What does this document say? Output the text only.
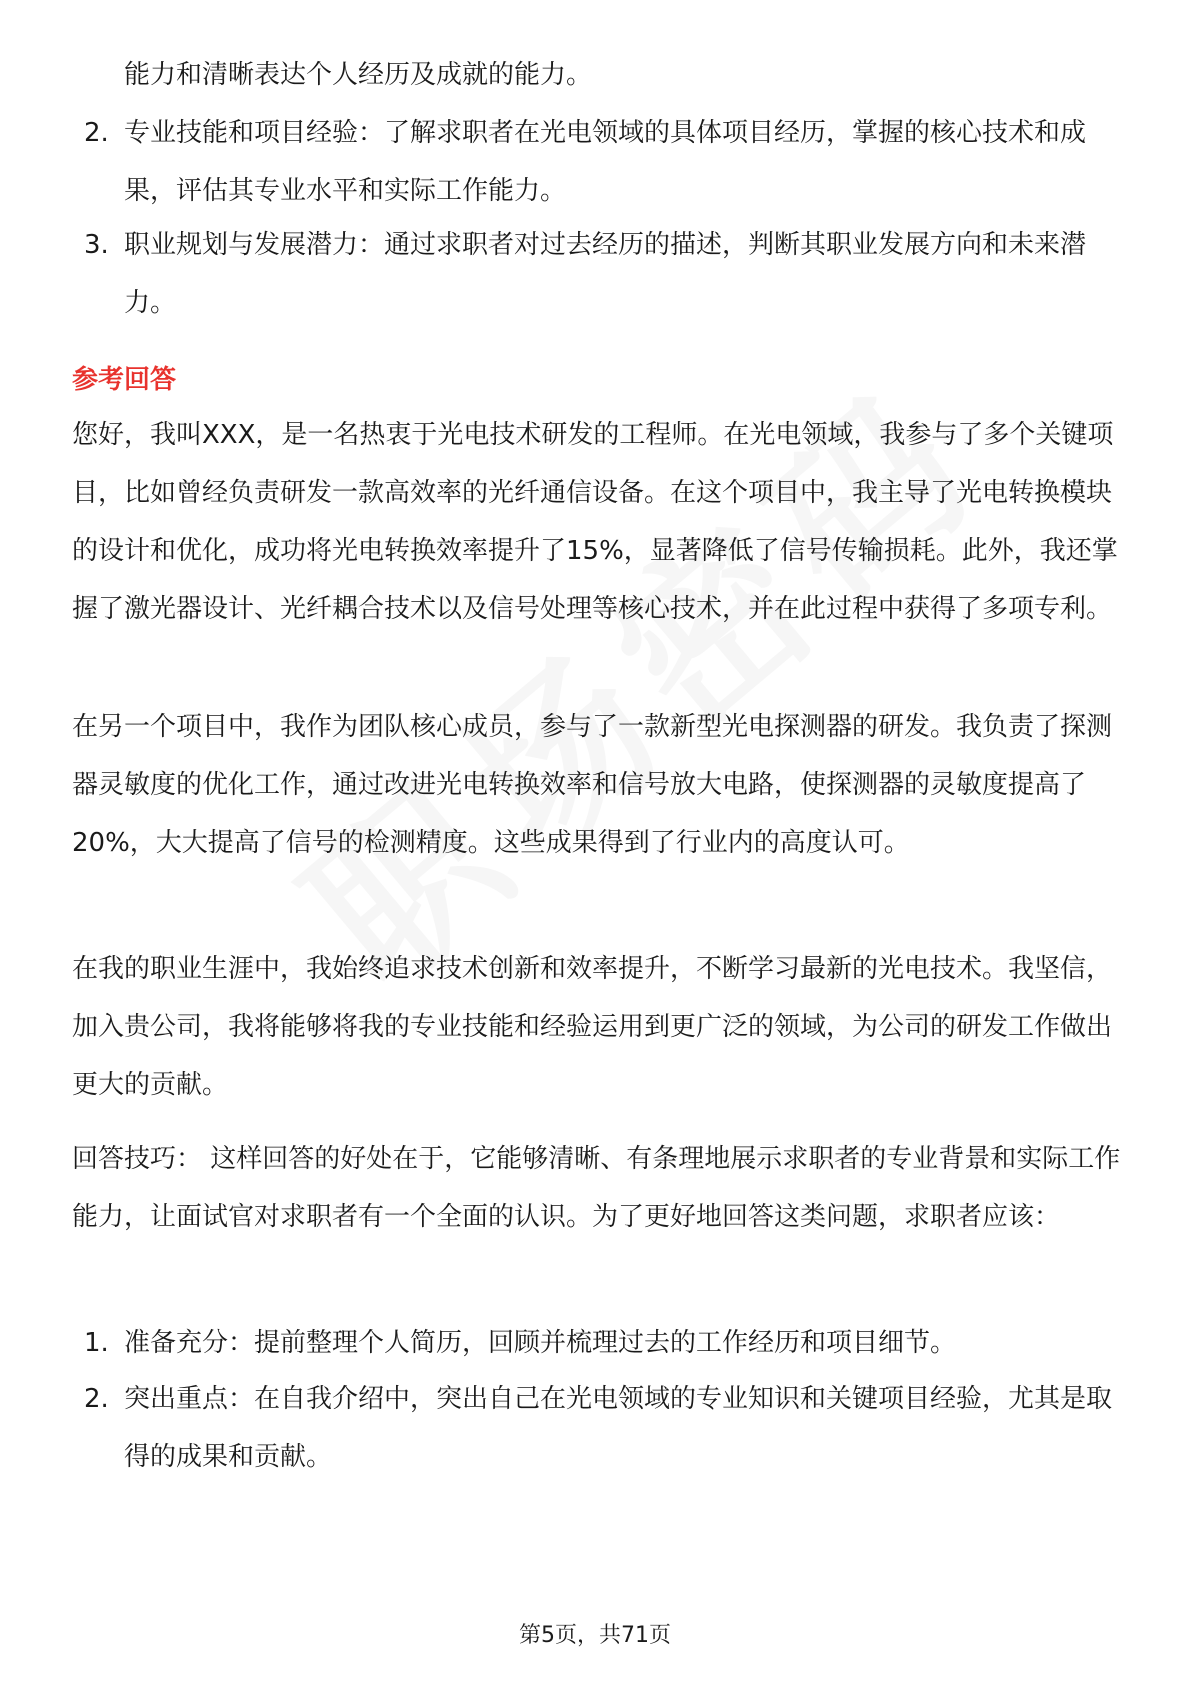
能力和清晰表达个人经历及成就的能力。

2. 专业技能和项目经验：了解求职者在光电领域的具体项目经历，掌握的核心技术和成果，评估其专业水平和实际工作能力。
3. 职业规划与发展潜力：通过求职者对过去经历的描述，判断其职业发展方向和未来潜力。
参考回答

您好，我叫XXX，是一名热衷于光电技术研发的工程师。在光电领域，我参与了多个关键项目，比如曾经负责研发一款高效率的光纤通信设备。在这个项目中，我主导了光电转换模块的设计和优化，成功将光电转换效率提升了15%，显著降低了信号传输损耗。此外，我还掌握了激光器设计、光纤耦合技术以及信号处理等核心技术，并在此过程中获得了多项专利。

在另一个项目中，我作为团队核心成员，参与了一款新型光电探测器的研发。我负责了探测器灵敏度的优化工作，通过改进光电转换效率和信号放大电路，使探测器的灵敏度提高了20%，大大提高了信号的检测精度。这些成果得到了行业内的高度认可。

在我的职业生涯中，我始终追求技术创新和效率提升，不断学习最新的光电技术。我坚信，加入贵公司，我将能够将我的专业技能和经验运用到更广泛的领域，为公司的研发工作做出更大的贡献。

回答技巧： 这样回答的好处在于，它能够清晰、有条理地展示求职者的专业背景和实际工作能力，让面试官对求职者有一个全面的认识。为了更好地回答这类问题，求职者应该：

1. 准备充分：提前整理个人简历，回顾并梳理过去的工作经历和项目细节。
2. 突出重点：在自我介绍中，突出自己在光电领域的专业知识和关键项目经验，尤其是取得的成果和贡献。
第5页，共71页
